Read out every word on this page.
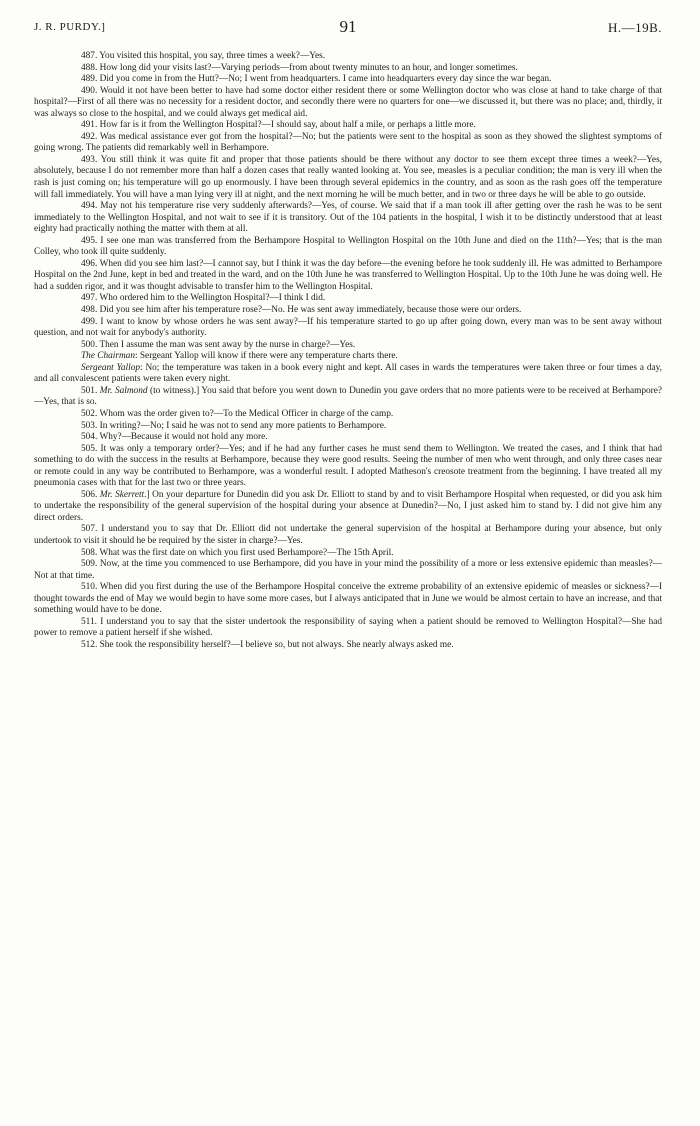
J. R. PURDY.]	91	H.—19B.

487. You visited this hospital, you say, three times a week?—Yes.

488. How long did your visits last?—Varying periods—from about twenty minutes to an hour, and longer sometimes.

489. Did you come in from the Hutt?—No; I went from headquarters. I came into headquarters every day since the war began.

490. Would it not have been better to have had some doctor either resident there or some Wellington doctor who was close at hand to take charge of that hospital?—First of all there was no necessity for a resident doctor, and secondly there were no quarters for one—we discussed it, but there was no place; and, thirdly, it was always so close to the hospital, and we could always get medical aid.

491. How far is it from the Wellington Hospital?—I should say, about half a mile, or perhaps a little more.

492. Was medical assistance ever got from the hospital?—No; but the patients were sent to the hospital as soon as they showed the slightest symptoms of going wrong. The patients did remarkably well in Berhampore.

493. You still think it was quite fit and proper that those patients should be there without any doctor to see them except three times a week?—Yes, absolutely, because I do not remember more than half a dozen cases that really wanted looking at. You see, measles is a peculiar condition; the man is very ill when the rash is just coming on; his temperature will go up enormously. I have been through several epidemics in the country, and as soon as the rash goes off the temperature will fall immediately. You will have a man lying very ill at night, and the next morning he will be much better, and in two or three days he will be able to go outside.

494. May not his temperature rise very suddenly afterwards?—Yes, of course. We said that if a man took ill after getting over the rash he was to be sent immediately to the Wellington Hospital, and not wait to see if it is transitory. Out of the 104 patients in the hospital, I wish it to be distinctly understood that at least eighty had practically nothing the matter with them at all.

495. I see one man was transferred from the Berhampore Hospital to Wellington Hospital on the 10th June and died on the 11th?—Yes; that is the man Colley, who took ill quite suddenly.

496. When did you see him last?—I cannot say, but I think it was the day before—the evening before he took suddenly ill. He was admitted to Berhampore Hospital on the 2nd June, kept in bed and treated in the ward, and on the 10th June he was transferred to Wellington Hospital. Up to the 10th June he was doing well. He had a sudden rigor, and it was thought advisable to transfer him to the Wellington Hospital.

497. Who ordered him to the Wellington Hospital?—I think I did.

498. Did you see him after his temperature rose?—No. He was sent away immediately, because those were our orders.

499. I want to know by whose orders he was sent away?—If his temperature started to go up after going down, every man was to be sent away without question, and not wait for anybody's authority.

500. Then I assume the man was sent away by the nurse in charge?—Yes.

The Chairman: Sergeant Yallop will know if there were any temperature charts there.

Sergeant Yallop: No; the temperature was taken in a book every night and kept. All cases in wards the temperatures were taken three or four times a day, and all convalescent patients were taken every night.

501. Mr. Salmond (to witness).] You said that before you went down to Dunedin you gave orders that no more patients were to be received at Berhampore?—Yes, that is so.

502. Whom was the order given to?—To the Medical Officer in charge of the camp.

503. In writing?—No; I said he was not to send any more patients to Berhampore.

504. Why?—Because it would not hold any more.

505. It was only a temporary order?—Yes; and if he had any further cases he must send them to Wellington. We treated the cases, and I think that had something to do with the success in the results at Berhampore, because they were good results. Seeing the number of men who went through, and only three cases near or remote could in any way be contributed to Berhampore, was a wonderful result. I adopted Matheson's creosote treatment from the beginning. I have treated all my pneumonia cases with that for the last two or three years.

506. Mr. Skerrett.] On your departure for Dunedin did you ask Dr. Elliott to stand by and to visit Berhampore Hospital when requested, or did you ask him to undertake the responsibility of the general supervision of the hospital during your absence at Dunedin?—No, I just asked him to stand by. I did not give him any direct orders.

507. I understand you to say that Dr. Elliott did not undertake the general supervision of the hospital at Berhampore during your absence, but only undertook to visit it should he be required by the sister in charge?—Yes.

508. What was the first date on which you first used Berhampore?—The 15th April.

509. Now, at the time you commenced to use Berhampore, did you have in your mind the possibility of a more or less extensive epidemic than measles?—Not at that time.

510. When did you first during the use of the Berhampore Hospital conceive the extreme probability of an extensive epidemic of measles or sickness?—I thought towards the end of May we would begin to have some more cases, but I always anticipated that in June we would be almost certain to have an increase, and that something would have to be done.

511. I understand you to say that the sister undertook the responsibility of saying when a patient should be removed to Wellington Hospital?—She had power to remove a patient herself if she wished.

512. She took the responsibility herself?—I believe so, but not always. She nearly always asked me.
